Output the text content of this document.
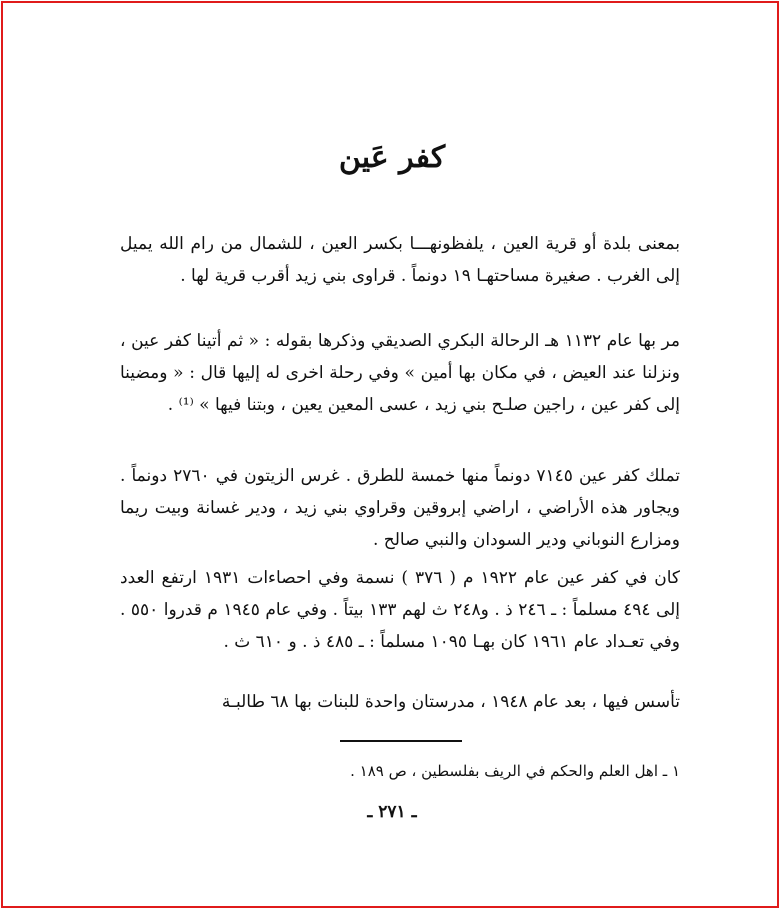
كفر عَين
بمعنى بلدة أو قرية العين ، يلفظونهـــا بكسر العين ، للشمال من رام الله يميل إلى الغرب . صغيرة مساحتهـا ١٩ دونماً . قراوى بني زيد أقرب قرية لها .
مر بها عام ١١٣٢ هـ الرحالة البكري الصديقي وذكرها بقوله : « ثم أتينا كفر عين ، ونزلنا عند العيض ، في مكان بها أمين » وفي رحلة اخرى له إليها قال : « ومضينا إلى كفر عين ، راجين صلـح بني زيد ، عسى المعين يعين ، وبتنا فيها » ⁽¹⁾ .
تملك كفر عين ٧١٤٥ دونماً منها خمسة للطرق . غرس الزيتون في ٢٧٦٠ دونماً . ويجاور هذه الأراضي ، اراضي إبروقين وقراوي بني زيد ، ودير غسانة وبيت ريما ومزارع النوباني ودير السودان والنبي صالح .
كان في كفر عين عام ١٩٢٢ م ( ٣٧٦ ) نسمة وفي احصاءات ١٩٣١ ارتفع العدد إلى ٤٩٤ مسلماً : ـ ٢٤٦ ذ . و٢٤٨ ث لهم ١٣٣ بيتاً . وفي عام ١٩٤٥ م قدروا ٥٥٠ . وفي تعـداد عام ١٩٦١ كان بهـا ١٠٩٥ مسلماً : ـ ٤٨٥ ذ . و ٦١٠ ث .
تأسس فيها ، بعد عام ١٩٤٨ ، مدرستان واحدة للبنات بها ٦٨ طالبـة
١ ـ اهل العلم والحكم في الريف بفلسطين ، ص ١٨٩ .
ـ ٢٧١ ـ
